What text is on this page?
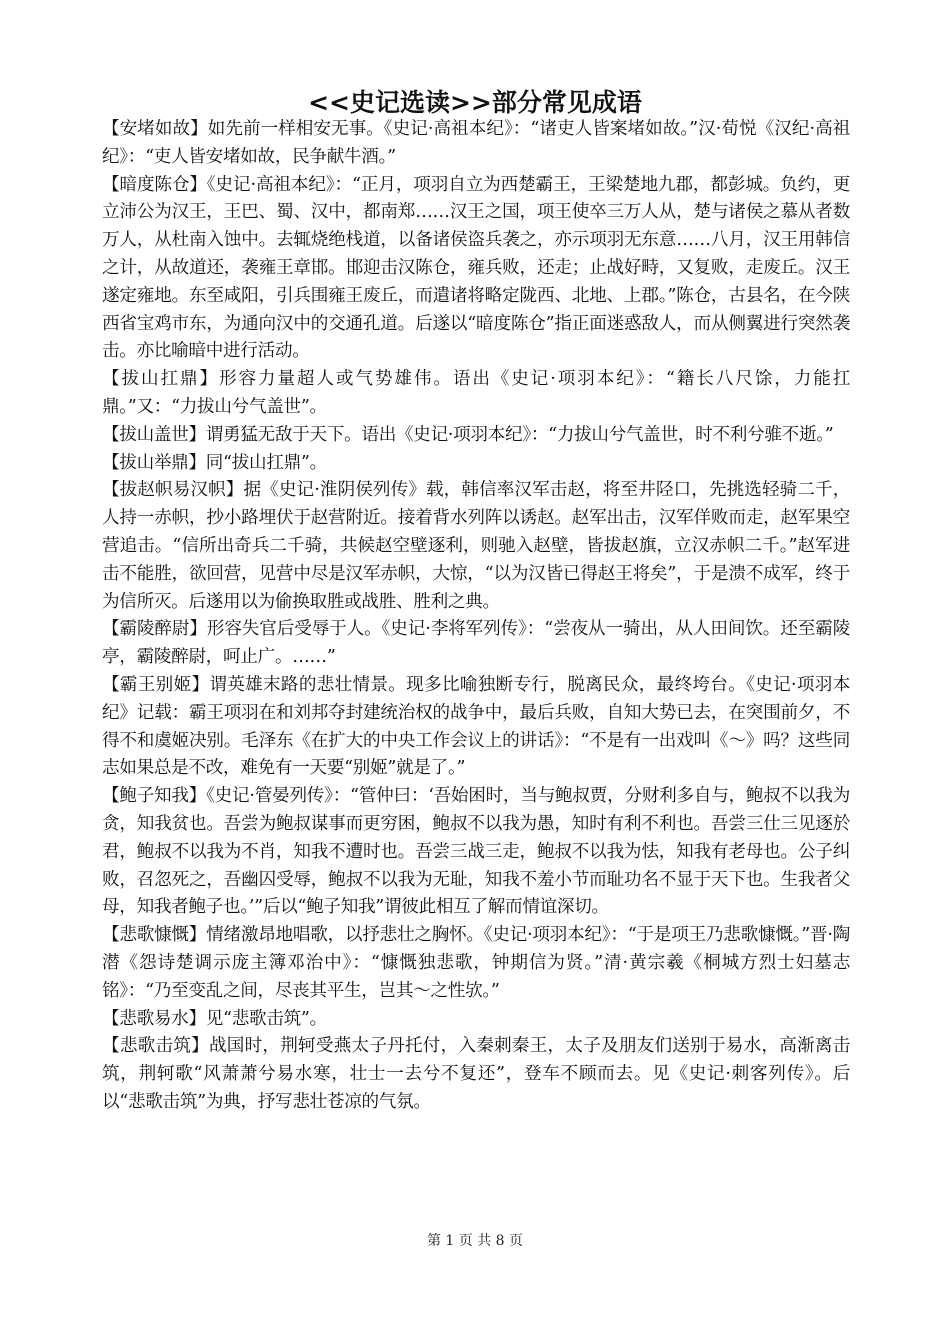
<<史记选读>>部分常见成语

【安堵如故】如先前一样相安无事。《史记·高祖本纪》：“诸吏人皆案堵如故。”汉·荀悦《汉纪·高祖纪》：“吏人皆安堵如故，民争献牛酒。”

【暗度陈仓】《史记·高祖本纪》：“正月，项羽自立为西楚霸王，王梁楚地九郡，都彭城。负约，更立沛公为汉王，王巴、蜀、汉中，都南郑……汉王之国，项王使卒三万人从，楚与诸侯之慕从者数万人，从杜南入蚀中。去辄烧绝栈道，以备诸侯盗兵袭之，亦示项羽无东意……八月，汉王用韩信之计，从故道还，袭雍王章邯。邯迎击汉陈仓，雍兵败，还走；止战好畤，又复败，走废丘。汉王遂定雍地。东至咸阳，引兵围雍王废丘，而遣诸将略定陇西、北地、上郡。”陈仓，古县名，在今陕西省宝鸡市东，为通向汉中的交通孔道。后遂以“暗度陈仓”指正面迷惑敌人，而从侧翼进行突然袭击。亦比喻暗中进行活动。

【拔山扛鼎】形容力量超人或气势雄伟。语出《史记·项羽本纪》：“籍长八尺馀，力能扛鼎。”又：“力拔山兮气盖世”。

【拔山盖世】谓勇猛无敌于天下。语出《史记·项羽本纪》：“力拔山兮气盖世，时不利兮骓不逝。”

【拔山举鼎】同“拔山扛鼎”。

【拔赵帜易汉帜】据《史记·淮阴侯列传》载，韩信率汉军击赵，将至井陉口，先挑选轻骑二千，人持一赤帜，抄小路埋伏于赵营附近。接着背水列阵以诱赵。赵军出击，汉军佯败而走，赵军果空营追击。“信所出奇兵二千骑，共候赵空壁逐利，则驰入赵壁，皆拔赵旗，立汉赤帜二千。”赵军进击不能胜，欲回营，见营中尽是汉军赤帜，大惊，“以为汉皆已得赵王将矣”，于是溃不成军，终于为信所灭。后遂用以为偷换取胜或战胜、胜利之典。

【霸陵醉尉】形容失官后受辱于人。《史记·李将军列传》：“尝夜从一骑出，从人田间饮。还至霸陵亭，霸陵醉尉，呵止广。……”

【霸王别姬】谓英雄末路的悲壮情景。现多比喻独断专行，脱离民众，最终垮台。《史记·项羽本纪》记载：霸王项羽在和刘邦夺封建统治权的战争中，最后兵败，自知大势已去，在突围前夕，不得不和虞姬决别。毛泽东《在扩大的中央工作会议上的讲话》：“不是有一出戏叫《～》吗？这些同志如果总是不改，难免有一天要“别姬”就是了。”

【鲍子知我】《史记·管晏列传》：“管仲曰：‘吾始困时，当与鲍叔贾，分财利多自与，鲍叔不以我为贪，知我贫也。吾尝为鲍叔谋事而更穷困，鲍叔不以我为愚，知时有利不利也。吾尝三仕三见逐於君，鲍叔不以我为不肖，知我不遭时也。吾尝三战三走，鲍叔不以我为怯，知我有老母也。公子纠败，召忽死之，吾幽囚受辱，鲍叔不以我为无耻，知我不羞小节而耻功名不显于天下也。生我者父母，知我者鲍子也。’”后以“鲍子知我”谓彼此相互了解而情谊深切。

【悲歌慷慨】情绪激昂地唱歌，以抒悲壮之胸怀。《史记·项羽本纪》：“于是项王乃悲歌慷慨。”晋·陶潜《怨诗楚调示庞主簿邓治中》：“慷慨独悲歌，钟期信为贤。”清·黄宗羲《桐城方烈士妇墓志铭》：“乃至变乱之间，尽丧其平生，岂其～之性欤。”

【悲歌易水】见“悲歌击筑”。

【悲歌击筑】战国时，荆轲受燕太子丹托付，入秦刺秦王，太子及朋友们送别于易水，高渐离击筑，荆轲歌“风萧萧兮易水寒，壮士一去兮不复还”，登车不顾而去。见《史记·刺客列传》。后以“悲歌击筑”为典，抒写悲壮苍凉的气氛。

第 1 页 共 8 页
